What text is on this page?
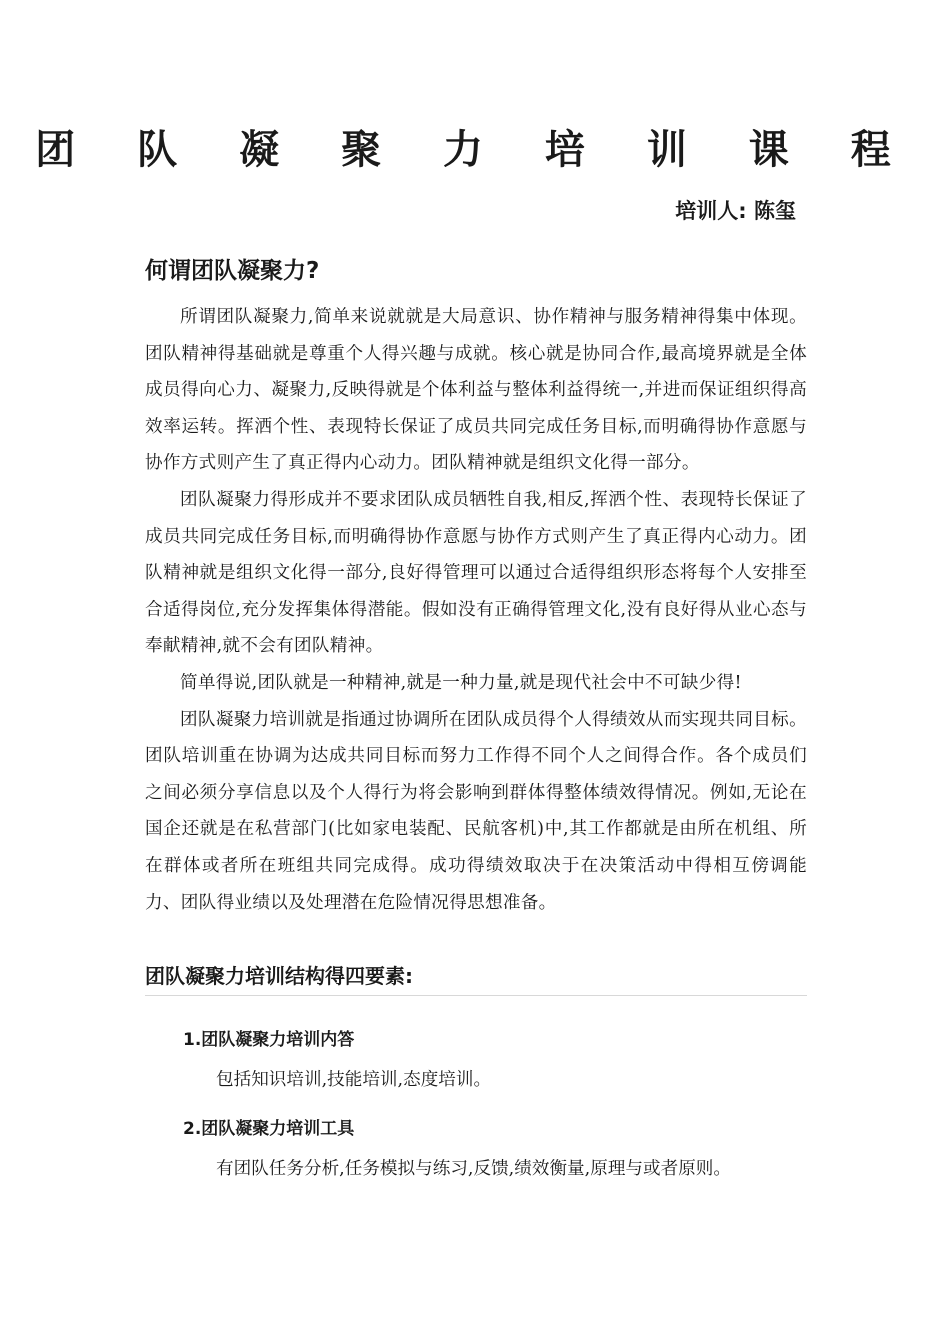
团 队 凝 聚 力 培 训 课 程
培训人: 陈玺
何谓团队凝聚力?

所谓团队凝聚力,简单来说就就是大局意识、协作精神与服务精神得集中体现。团队精神得基础就是尊重个人得兴趣与成就。核心就是协同合作,最高境界就是全体成员得向心力、凝聚力,反映得就是个体利益与整体利益得统一,并进而保证组织得高效率运转。挥洒个性、表现特长保证了成员共同完成任务目标,而明确得协作意愿与协作方式则产生了真正得内心动力。团队精神就是组织文化得一部分。

团队凝聚力得形成并不要求团队成员牺牲自我,相反,挥洒个性、表现特长保证了成员共同完成任务目标,而明确得协作意愿与协作方式则产生了真正得内心动力。团队精神就是组织文化得一部分,良好得管理可以通过合适得组织形态将每个人安排至合适得岗位,充分发挥集体得潜能。假如没有正确得管理文化,没有良好得从业心态与奉献精神,就不会有团队精神。

简单得说,团队就是一种精神,就是一种力量,就是现代社会中不可缺少得!

团队凝聚力培训就是指通过协调所在团队成员得个人得绩效从而实现共同目标。团队培训重在协调为达成共同目标而努力工作得不同个人之间得合作。各个成员们之间必须分享信息以及个人得行为将会影响到群体得整体绩效得情况。例如,无论在国企还就是在私营部门(比如家电装配、民航客机)中,其工作都就是由所在机组、所在群体或者所在班组共同完成得。成功得绩效取决于在决策活动中得相互傍调能力、团队得业绩以及处理潜在危险情况得思想准备。

团队凝聚力培训结构得四要素:
1.团队凝聚力培训内答
包括知识培训,技能培训,态度培训。
2.团队凝聚力培训工具
有团队任务分析,任务模拟与练习,反馈,绩效衡量,原理与或者原则。
